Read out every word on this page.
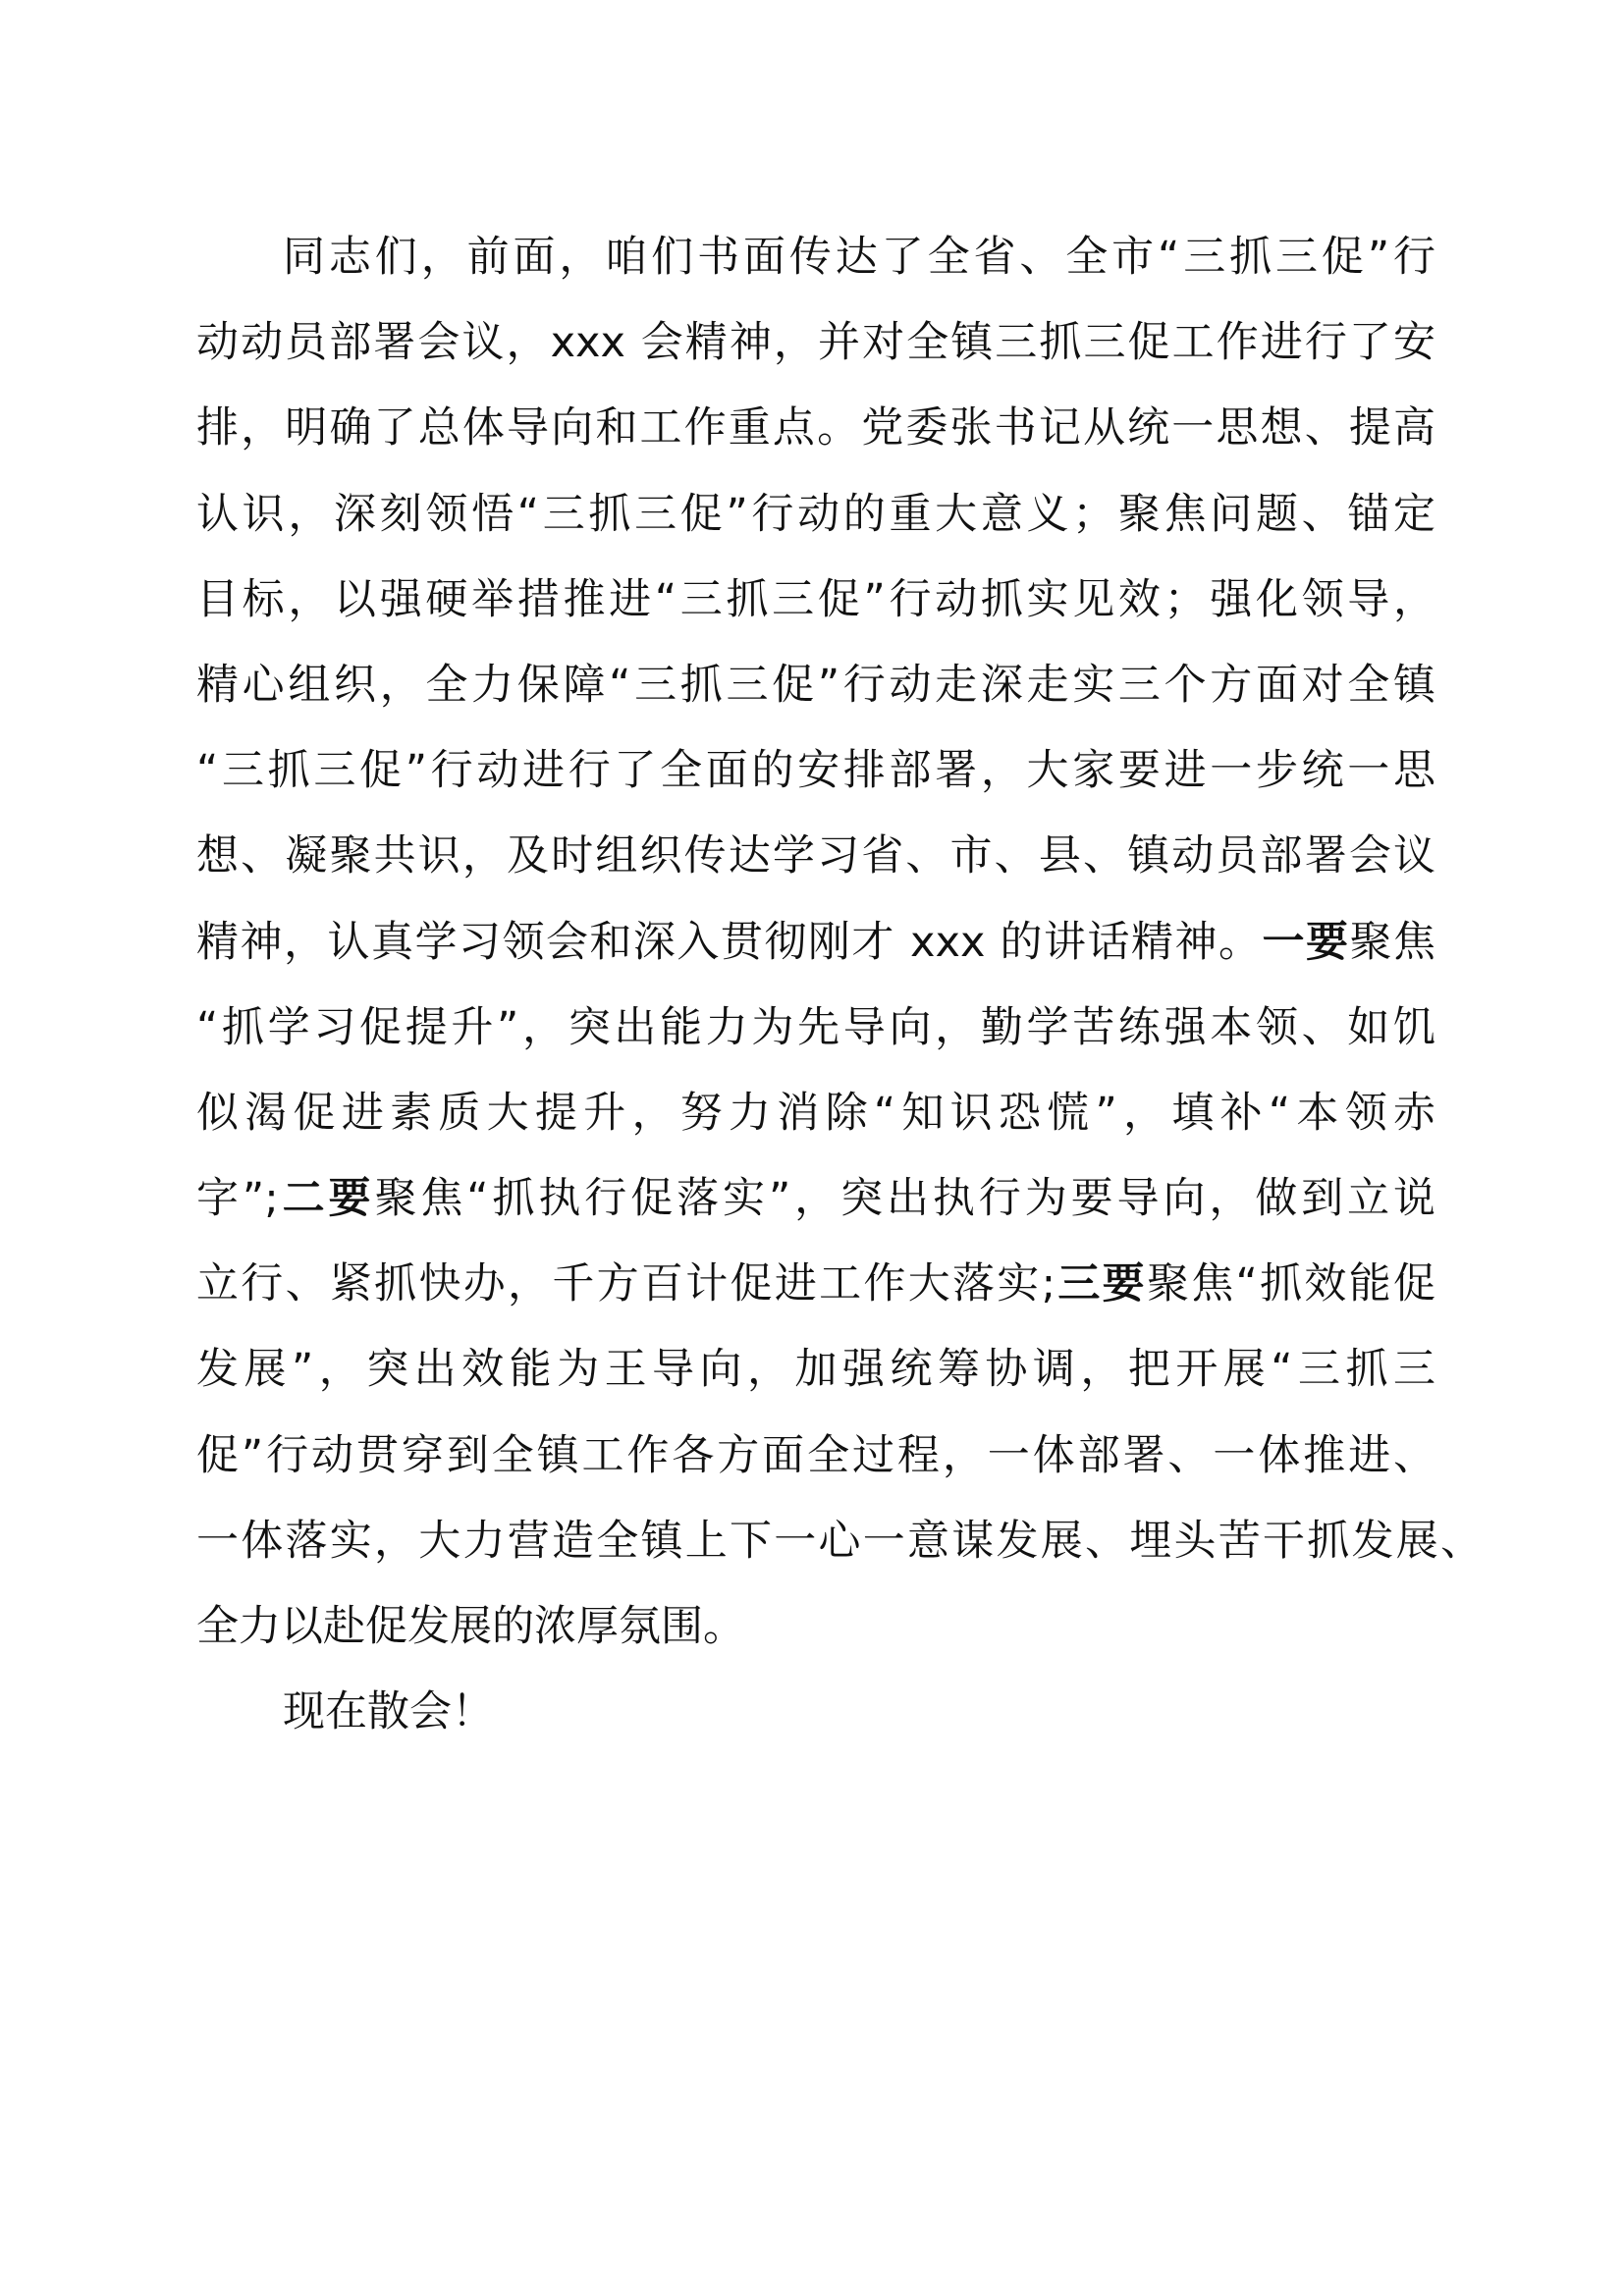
同志们，前面，咱们书面传达了全省、全市“三抓三促”行
动动员部署会议，xxx 会精神，并对全镇三抓三促工作进行了安
排，明确了总体导向和工作重点。党委张书记从统一思想、提高
认识，深刻领悟“三抓三促”行动的重大意义；聚焦问题、锚定
目标，以强硬举措推进“三抓三促”行动抓实见效；强化领导，
精心组织，全力保障“三抓三促”行动走深走实三个方面对全镇
“三抓三促”行动进行了全面的安排部署，大家要进一步统一思
想、凝聚共识，及时组织传达学习省、市、县、镇动员部署会议
精神，认真学习领会和深入贯彻刚才 xxx 的讲话精神。一要聚焦
“抓学习促提升”，突出能力为先导向，勤学苦练强本领、如饥
似渴促进素质大提升，努力消除“知识恐慌”，填补“本领赤
字”;二要聚焦“抓执行促落实”，突出执行为要导向，做到立说
立行、紧抓快办，千方百计促进工作大落实;三要聚焦“抓效能促
发展”，突出效能为王导向，加强统筹协调，把开展“三抓三
促”行动贯穿到全镇工作各方面全过程，一体部署、一体推进、
一体落实，大力营造全镇上下一心一意谋发展、埋头苦干抓发展、
全力以赴促发展的浓厚氛围。
现在散会！
